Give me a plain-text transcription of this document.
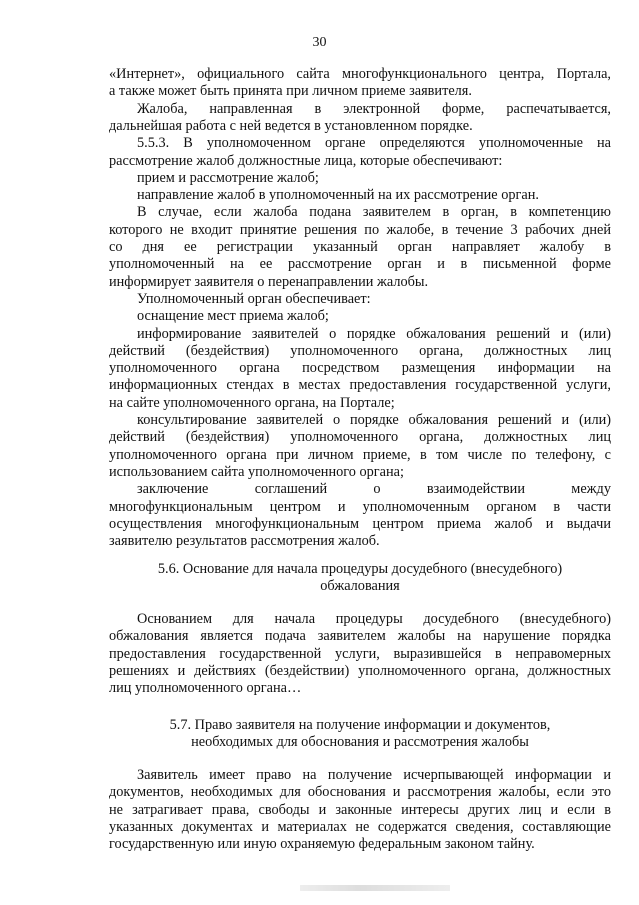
30
«Интернет», официального сайта многофункционального центра, Портала,
а также может быть принята при личном приеме заявителя.
Жалоба, направленная в электронной форме, распечатывается,
дальнейшая работа с ней ведется в установленном порядке.
5.5.3. В уполномоченном органе определяются уполномоченные на
рассмотрение жалоб должностные лица, которые обеспечивают:
прием и рассмотрение жалоб;
направление жалоб в уполномоченный на их рассмотрение орган.
В случае, если жалоба подана заявителем в орган, в компетенцию
которого не входит принятие решения по жалобе, в течение 3 рабочих дней
со дня ее регистрации указанный орган направляет жалобу в
уполномоченный на ее рассмотрение орган и в письменной форме
информирует заявителя о перенаправлении жалобы.
Уполномоченный орган обеспечивает:
оснащение мест приема жалоб;
информирование заявителей о порядке обжалования решений и (или)
действий (бездействия) уполномоченного органа, должностных лиц
уполномоченного органа посредством размещения информации на
информационных стендах в местах предоставления государственной услуги,
на сайте уполномоченного органа, на Портале;
консультирование заявителей о порядке обжалования решений и (или)
действий (бездействия) уполномоченного органа, должностных лиц
уполномоченного органа при личном приеме, в том числе по телефону, с
использованием сайта уполномоченного органа;
заключение соглашений о взаимодействии между
многофункциональным центром и уполномоченным органом в части
осуществления многофункциональным центром приема жалоб и выдачи
заявителю результатов рассмотрения жалоб.
5.6. Основание для начала процедуры досудебного (внесудебного)
обжалования
Основанием для начала процедуры досудебного (внесудебного)
обжалования является подача заявителем жалобы на нарушение порядка
предоставления государственной услуги, выразившейся в неправомерных
решениях и действиях (бездействии) уполномоченного органа, должностных
лиц уполномоченного органа…
5.7. Право заявителя на получение информации и документов,
необходимых для обоснования и рассмотрения жалобы
Заявитель имеет право на получение исчерпывающей информации и
документов, необходимых для обоснования и рассмотрения жалобы, если это
не затрагивает права, свободы и законные интересы других лиц и если в
указанных документах и материалах не содержатся сведения, составляющие
государственную или иную охраняемую федеральным законом тайну.
